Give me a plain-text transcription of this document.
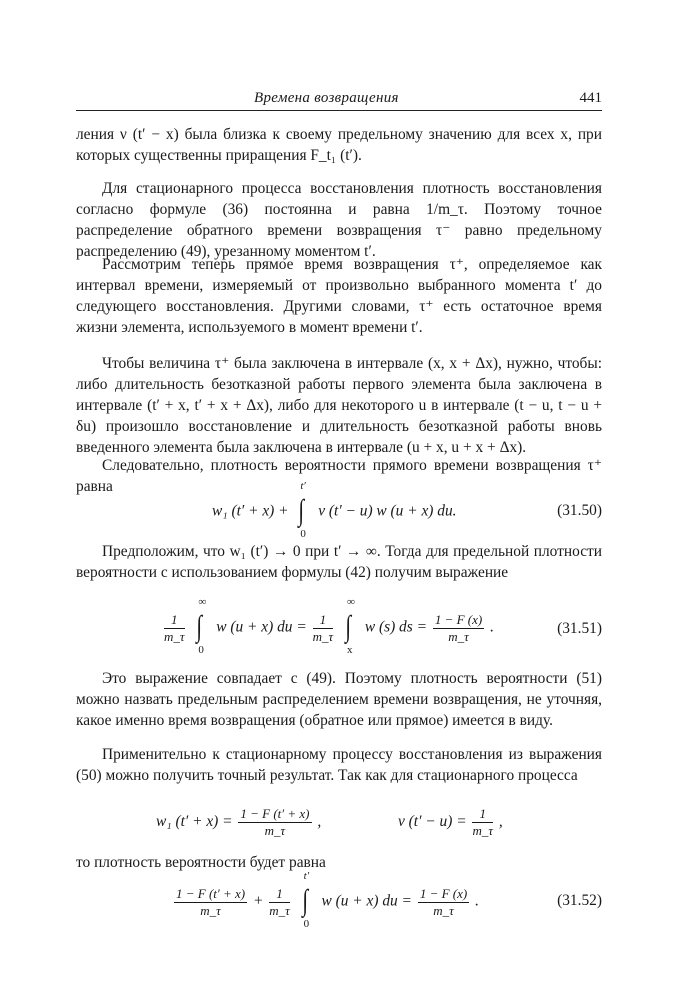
Времена возвращения	441
ления ν (t′ − x) была близка к своему предельному значению для всех x, при которых существенны приращения F_t₁ (t′).
Для стационарного процесса восстановления плотность восстановления согласно формуле (36) постоянна и равна 1/m_τ. Поэтому точное распределение обратного времени возвращения τ⁻ равно предельному распределению (49), урезанному моментом t′.
Рассмотрим теперь прямое время возвращения τ⁺, определяемое как интервал времени, измеряемый от произвольно выбранного момента t′ до следующего восстановления. Другими словами, τ⁺ есть остаточное время жизни элемента, используемого в момент времени t′.
Чтобы величина τ⁺ была заключена в интервале (x, x + Δx), нужно, чтобы: либо длительность безотказной работы первого элемента была заключена в интервале (t′ + x, t′ + x + Δx), либо для некоторого u в интервале (t − u, t − u + δu) произошло восстановление и длительность безотказной работы вновь введенного элемента была заключена в интервале (u + x, u + x + Δx).
Следовательно, плотность вероятности прямого времени возвращения τ⁺ равна
w₁ (t′ + x) +
t′
∫
0
ν (t′ − u) w (u + x) du.	(31.50)
Предположим, что w₁ (t′) → 0 при t′ → ∞. Тогда для предельной плотности вероятности с использованием формулы (42) получим выражение
$\frac{1}{m\_\tau}$

∞
∫
0
w (u + x) du = $\frac{1}{m\_\tau}$

∞
∫
x
w (s) ds = $\frac{1 - F (x)}{m\_\tau}$ .	(31.51)
Это выражение совпадает с (49). Поэтому плотность вероятности (51) можно назвать предельным распределением времени возвращения, не уточняя, какое именно время возвращения (обратное или прямое) имеется в виду.
Применительно к стационарному процессу восстановления из выражения (50) можно получить точный результат. Так как для стационарного процесса
w₁ $(t' + x) = \frac{1 - F (t' + x)}{m\_\tau}$ ,	ν $(t' - u) = \frac{1}{m\_\tau}$ ,
то плотность вероятности будет равна
$\frac{1 - F (t' + x)}{m\_\tau} + \frac{1}{m\_\tau}$

t′
∫
0
w (u + x) du = $\frac{1 - F (x)}{m\_\tau}$ .	(31.52)
